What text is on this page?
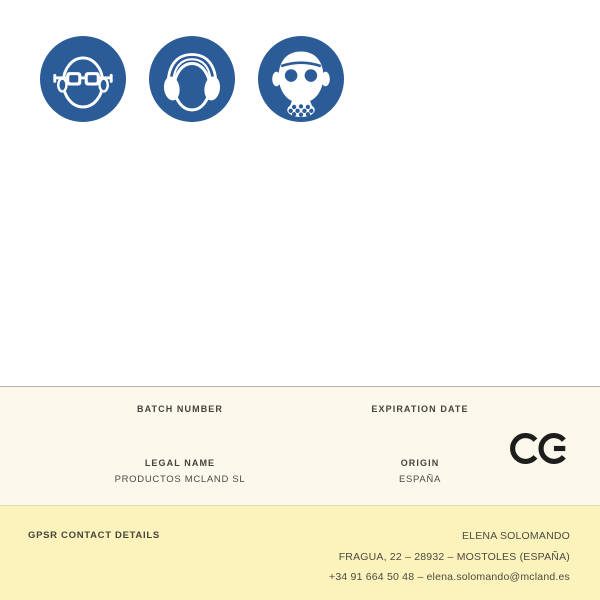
BATCH NUMBER
LEGAL NAME
PRODUCTOS MCLAND SL
EXPIRATION DATE
ORIGIN
ESPAÑA
GPSR CONTACT DETAILS	ELENA SOLOMANDO
FRAGUA, 22 – 28932 – MOSTOLES (ESPAÑA)
+34 91 664 50 48 – elena.solomando@mcland.es
